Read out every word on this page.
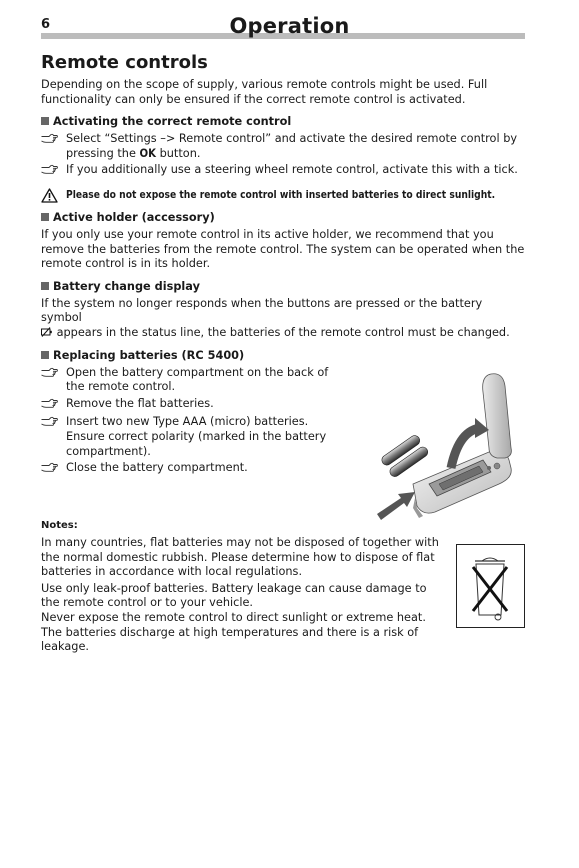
6	Operation
Remote controls

Depending on the scope of supply, various remote controls might be used. Full functionality can only be ensured if the correct remote control is activated.

Activating the correct remote control
Select “Settings –> Remote control” and activate the desired remote control by pressing the OK button.
If you additionally use a steering wheel remote control, activate this with a tick.
Please do not expose the remote control with inserted batteries to direct sunlight.
Active holder (accessory)

If you only use your remote control in its active holder, we recommend that you remove the batteries from the remote control. The system can be operated when the remote control is in its holder.

Battery change display

If the system no longer responds when the buttons are pressed or the battery symbol
appears in the status line, the batteries of the remote control must be changed.

Replacing batteries (RC 5400)
Open the battery compartment on the back of the remote control.
Remove the flat batteries.
Insert two new Type AAA (micro) batteries. Ensure correct polarity (marked in the battery compartment).
Close the battery compartment.
Notes:

In many countries, flat batteries may not be disposed of together with the normal domestic rubbish. Please determine how to dispose of flat batteries in accordance with local regulations.

Use only leak-proof batteries. Battery leakage can cause damage to the remote control or to your vehicle.

Never expose the remote control to direct sunlight or extreme heat. The batteries discharge at high temperatures and there is a risk of leakage.
